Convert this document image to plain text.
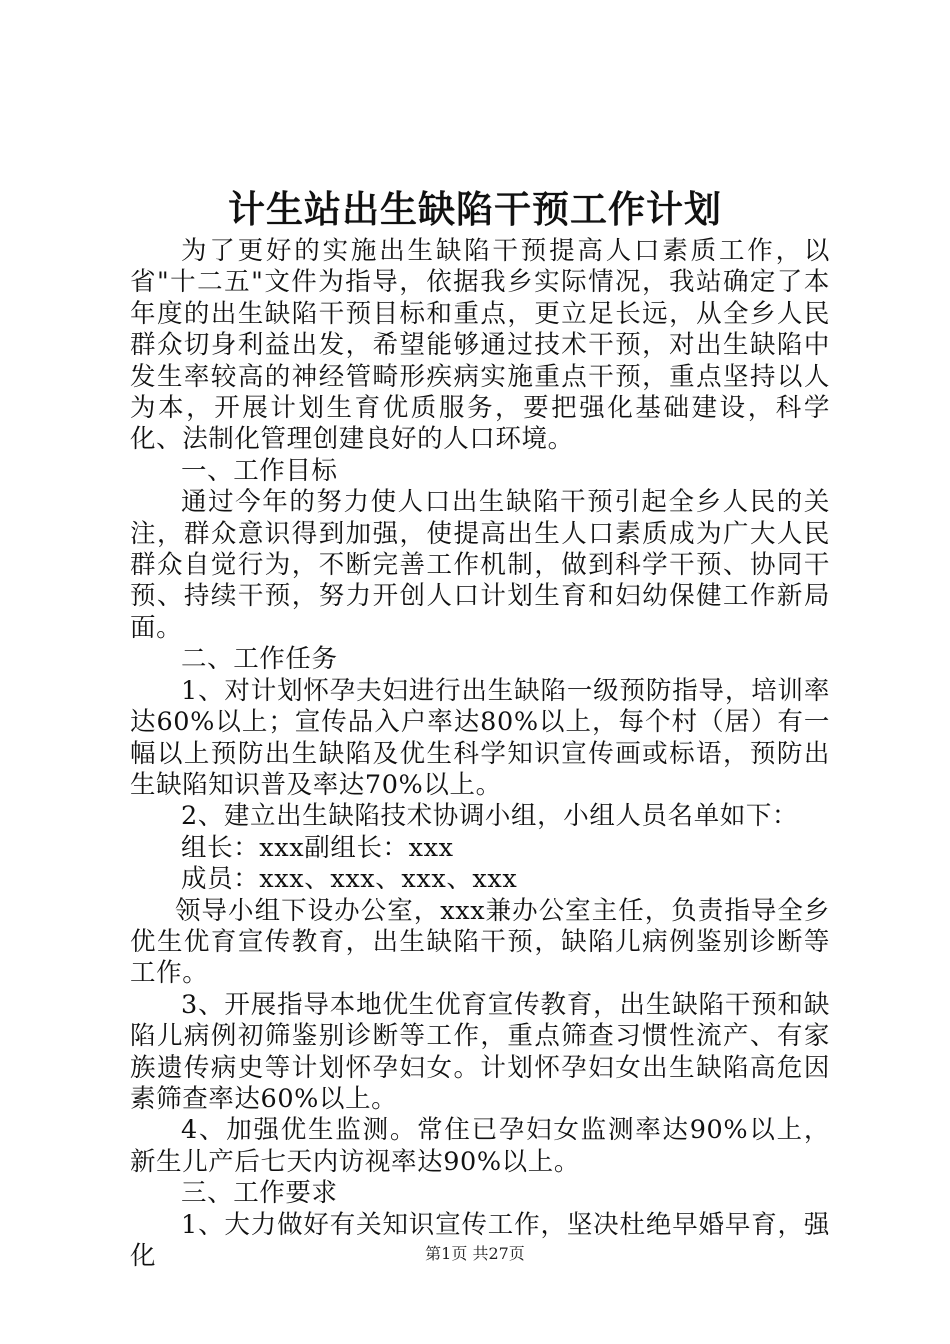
计生站出生缺陷干预工作计划

为了更好的实施出生缺陷干预提高人口素质工作，以省"十二五"文件为指导，依据我乡实际情况，我站确定了本年度的出生缺陷干预目标和重点，更立足长远，从全乡人民群众切身利益出发，希望能够通过技术干预，对出生缺陷中发生率较高的神经管畸形疾病实施重点干预，重点坚持以人为本，开展计划生育优质服务，要把强化基础建设，科学化、法制化管理创建良好的人口环境。

一、工作目标

通过今年的努力使人口出生缺陷干预引起全乡人民的关注，群众意识得到加强，使提高出生人口素质成为广大人民群众自觉行为，不断完善工作机制，做到科学干预、协同干预、持续干预，努力开创人口计划生育和妇幼保健工作新局面。

二、工作任务

1、对计划怀孕夫妇进行出生缺陷一级预防指导，培训率达60%以上；宣传品入户率达80%以上，每个村（居）有一幅以上预防出生缺陷及优生科学知识宣传画或标语，预防出生缺陷知识普及率达70%以上。

2、建立出生缺陷技术协调小组，小组人员名单如下：

组长：xxx副组长：xxx

成员：xxx、xxx、xxx、xxx

领导小组下设办公室，xxx兼办公室主任，负责指导全乡优生优育宣传教育，出生缺陷干预，缺陷儿病例鉴别诊断等工作。

3、开展指导本地优生优育宣传教育，出生缺陷干预和缺陷儿病例初筛鉴别诊断等工作，重点筛查习惯性流产、有家族遗传病史等计划怀孕妇女。计划怀孕妇女出生缺陷高危因素筛查率达60%以上。

4、加强优生监测。常住已孕妇女监测率达90%以上，新生儿产后七天内访视率达90%以上。

三、工作要求

1、大力做好有关知识宣传工作，坚决杜绝早婚早育，强化	第1页 共27页
